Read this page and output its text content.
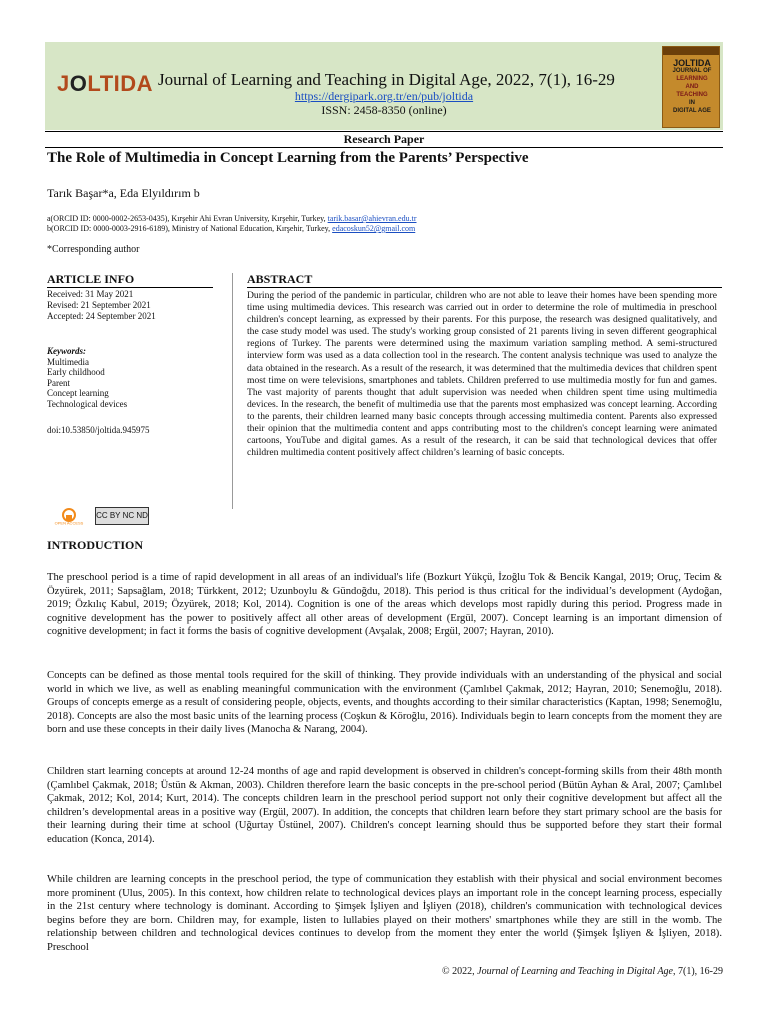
JOLTIDA Journal of Learning and Teaching in Digital Age, 2022, 7(1), 16-29
https://dergipark.org.tr/en/pub/joltida
ISSN: 2458-8350 (online)
JOLTIDA
JOURNAL OF
LEARNING
AND
TEACHING
IN
DIGITAL AGE
Research Paper
The Role of Multimedia in Concept Learning from the Parents’ Perspective
Tarık Başar*a, Eda Elyıldırım b
a(ORCID ID: 0000-0002-2653-0435), Kırşehir Ahi Evran University, Kırşehir, Turkey, tarik.basar@ahievran.edu.tr
b(ORCID ID: 0000-0003-2916-6189), Ministry of National Education, Kırşehir, Turkey, edacoskun52@gmail.com
*Corresponding author
ARTICLE INFO
Received: 31 May 2021
Revised: 21 September 2021
Accepted: 24 September 2021
Keywords:
Multimedia
Early childhood
Parent
Concept learning
Technological devices
doi:10.53850/joltida.945975
OPEN ACCESS
CC BY NC ND
ABSTRACT
During the period of the pandemic in particular, children who are not able to leave their homes have been spending more time using multimedia devices. This research was carried out in order to determine the role of multimedia in preschool children's concept learning, as expressed by their parents. For this purpose, the research was designed qualitatively, and the case study model was used. The study's working group consisted of 21 parents living in seven different geographical regions of Turkey. The parents were determined using the maximum variation sampling method. A semi-structured interview form was used as a data collection tool in the research. The content analysis technique was used to analyze the data obtained in the research. As a result of the research, it was determined that the multimedia devices that children spent most time on were televisions, smartphones and tablets. Children preferred to use multimedia mostly for fun and games. The vast majority of parents thought that adult supervision was needed when children spent time using multimedia devices. In the research, the benefit of multimedia use that the parents most emphasized was concept learning. According to the parents, their children learned many basic concepts through accessing multimedia content. Parents also expressed their opinion that the multimedia content and apps contributing most to the children's concept learning were animated cartoons, YouTube and digital games. As a result of the research, it can be said that technological devices that offer children multimedia content positively affect children’s learning of basic concepts.
INTRODUCTION
The preschool period is a time of rapid development in all areas of an individual's life (Bozkurt Yükçü, İzoğlu Tok & Bencik Kangal, 2019; Oruç, Tecim & Özyürek, 2011; Sapsağlam, 2018; Türkkent, 2012; Uzunboylu & Gündoğdu, 2018). This period is thus critical for the individual’s development (Aydoğan, 2019; Özkılıç Kabul, 2019; Özyürek, 2018; Kol, 2014). Cognition is one of the areas which develops most rapidly during this period. Progress made in cognitive development has the power to positively affect all other areas of development (Ergül, 2007). Concept learning is an important dimension of cognitive development; in fact it forms the basis of cognitive development (Avşalak, 2008; Ergül, 2007; Hayran, 2010).
Concepts can be defined as those mental tools required for the skill of thinking. They provide individuals with an understanding of the physical and social world in which we live, as well as enabling meaningful communication with the environment (Çamlıbel Çakmak, 2012; Hayran, 2010; Senemoğlu, 2018). Groups of concepts emerge as a result of considering people, objects, events, and thoughts according to their similar characteristics (Kaptan, 1998; Senemoğlu, 2018). Concepts are also the most basic units of the learning process (Coşkun & Köroğlu, 2016). Individuals begin to learn concepts from the moment they are born and use these concepts in their daily lives (Manocha & Narang, 2004).
Children start learning concepts at around 12-24 months of age and rapid development is observed in children's concept-forming skills from their 48th month (Çamlıbel Çakmak, 2018; Üstün & Akman, 2003). Children therefore learn the basic concepts in the pre-school period (Bütün Ayhan & Aral, 2007; Çamlıbel Çakmak, 2012; Kol, 2014; Kurt, 2014). The concepts children learn in the preschool period support not only their cognitive development but affect all the children’s developmental areas in a positive way (Ergül, 2007). In addition, the concepts that children learn before they start primary school are the basis for their learning during their time at school (Uğurtay Üstünel, 2007). Children's concept learning should thus be supported before they start their formal education (Konca, 2014).
While children are learning concepts in the preschool period, the type of communication they establish with their physical and social environment becomes more prominent (Ulus, 2005). In this context, how children relate to technological devices plays an important role in the concept learning process, especially in the 21st century where technology is dominant. According to Şimşek İşliyen and İşliyen (2018), children's communication with technological devices begins before they are born. Children may, for example, listen to lullabies played on their mothers' smartphones while they are still in the womb. The relationship between children and technological devices continues to develop from the moment they enter the world (Şimşek İşliyen & İşliyen, 2018). Preschool
© 2022, Journal of Learning and Teaching in Digital Age, 7(1), 16-29
